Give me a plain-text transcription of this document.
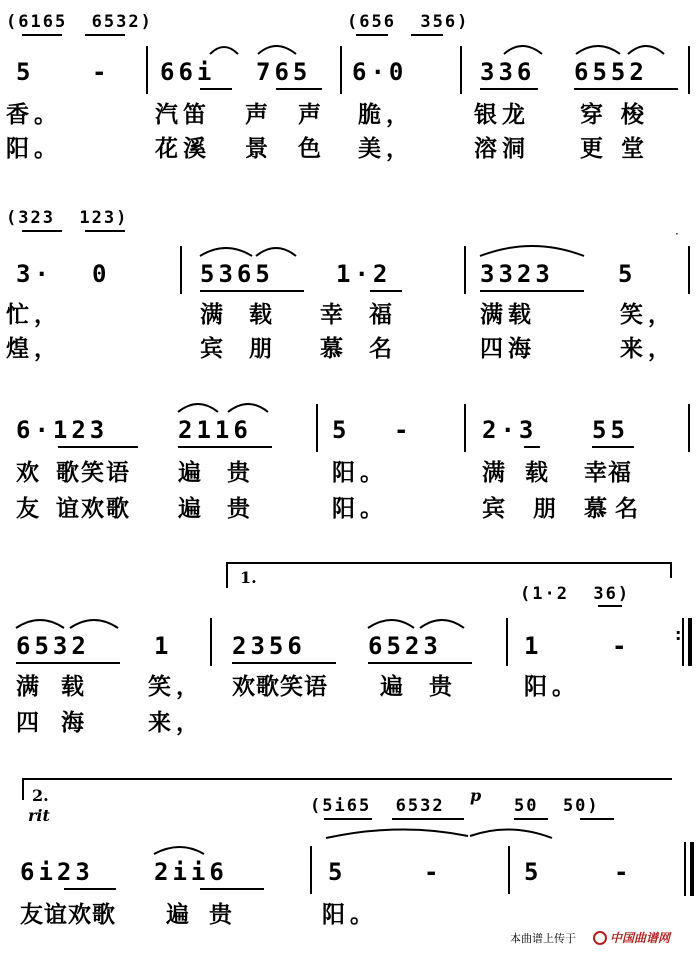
(6165  6532)	(656  356)
5 - 66i 765 6·0	336 6552
香。	汽笛 声声 脆，	银龙 穿梭
阳。	花溪 景色 美，	溶洞 更堂
(323  123)
·
3· 0	5365	1·2	3323	5
忙，	满载 幸福	满载	笑，
煌，	宾朋 慕名	四海	来，
6·123	2116	5 -	2·3 55
欢 歌笑语 遍贵 阳。	满载 幸福
友 谊欢歌 遍贵 阳。	宾朋 慕名
1.
(1·2  36)
6532	1 2356	6523	1	-	:
满载 笑， 欢歌笑语 遍贵 阳。
四海 来，
2.
rit	(5i65  6532
p
50  50)
6i23	2ii6	5	-	5	-
友谊欢歌 遍贵	阳。
本曲谱上传于	中国曲谱网
